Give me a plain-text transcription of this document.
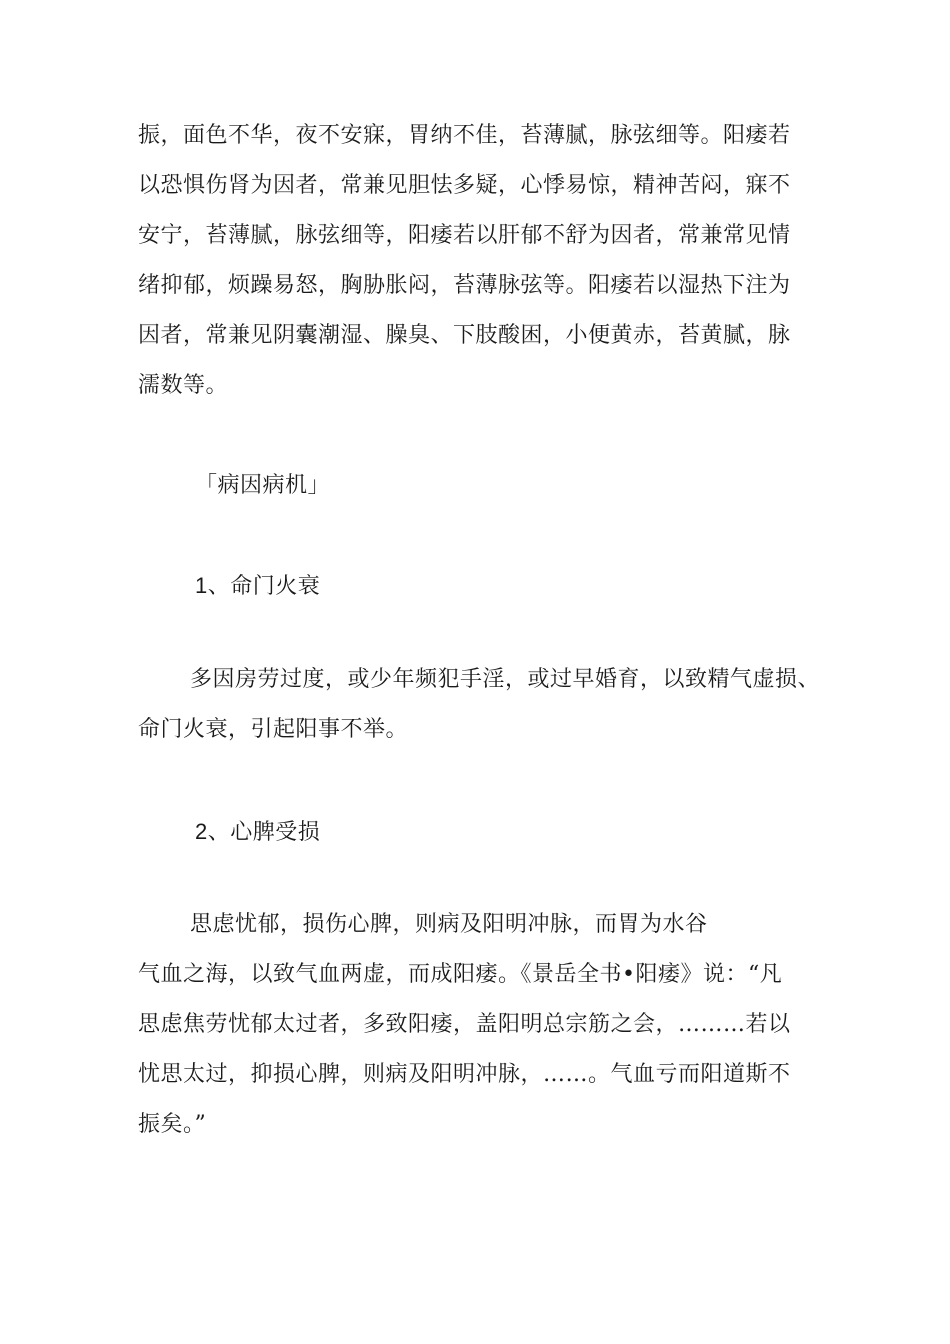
振，面色不华，夜不安寐，胃纳不佳，苔薄腻，脉弦细等。阳痿若
以恐惧伤肾为因者，常兼见胆怯多疑，心悸易惊，精神苦闷，寐不
安宁，苔薄腻，脉弦细等，阳痿若以肝郁不舒为因者，常兼常见情
绪抑郁，烦躁易怒，胸胁胀闷，苔薄脉弦等。阳痿若以湿热下注为
因者，常兼见阴囊潮湿、臊臭、下肢酸困，小便黄赤，苔黄腻，脉
濡数等。
「病因病机」
1、命门火衰
多因房劳过度，或少年频犯手淫，或过早婚育，以致精气虚损、
命门火衰，引起阳事不举。
2、心脾受损
思虑忧郁，损伤心脾，则病及阳明冲脉，而胃为水谷
气血之海，以致气血两虚，而成阳痿。《景岳全书•阳痿》说：“凡
思虑焦劳忧郁太过者，多致阳痿，盖阳明总宗筋之会，………若以
忧思太过，抑损心脾，则病及阳明冲脉，……。气血亏而阳道斯不
振矣。”
